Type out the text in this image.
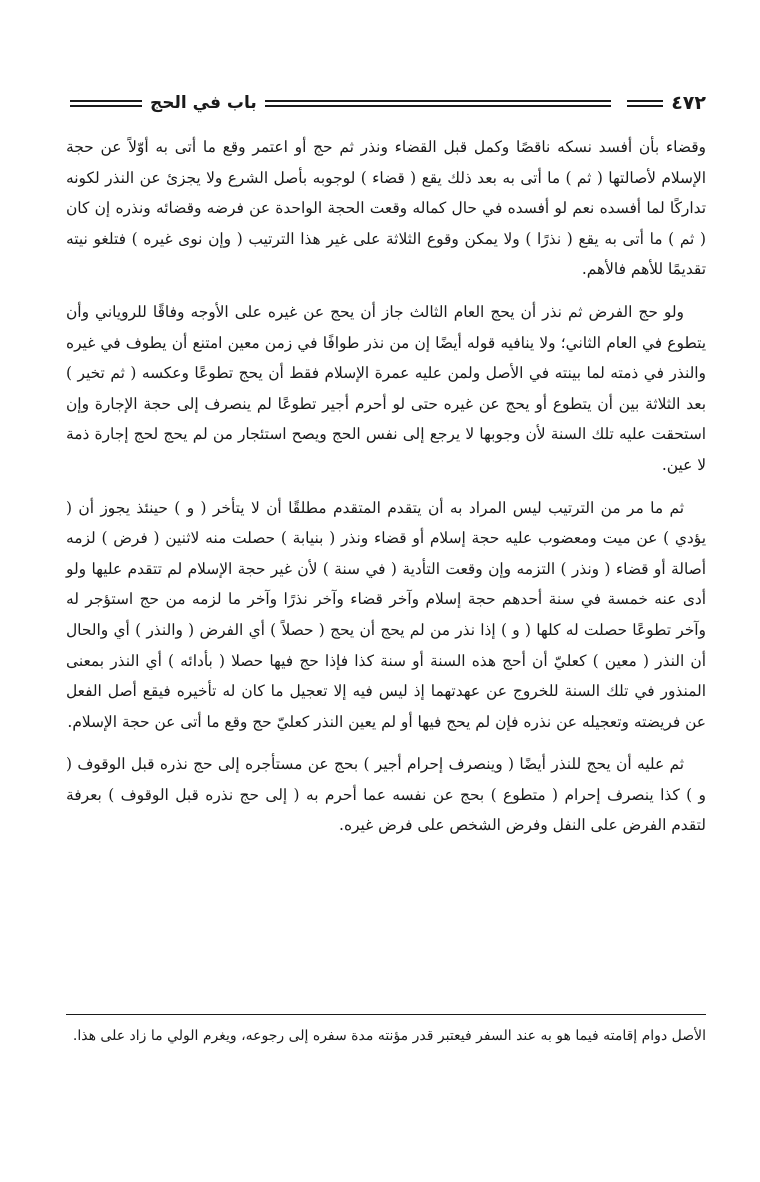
٤٧٢
باب في الحج

وقضاء بأن أفسد نسكه ناقصًا وكمل قبل القضاء ونذر ثم حج أو اعتمر وقع ما أتى به أوّلاً عن حجة الإسلام لأصالتها ( ثم ) ما أتى به بعد ذلك يقع ( قضاء ) لوجوبه بأصل الشرع ولا يجزئ عن النذر لكونه تداركًا لما أفسده نعم لو أفسده في حال كماله وقعت الحجة الواحدة عن فرضه وقضائه ونذره إن كان ( ثم ) ما أتى به يقع ( نذرًا ) ولا يمكن وقوع الثلاثة على غير هذا الترتيب ( وإن نوى غيره ) فتلغو نيته تقديمًا للأهم فالأهم.

ولو حج الفرض ثم نذر أن يحج العام الثالث جاز أن يحج عن غيره على الأوجه وفاقًا للروياني وأن يتطوع في العام الثاني؛ ولا ينافيه قوله أيضًا إن من نذر طوافًا في زمن معين امتنع أن يطوف في غيره والنذر في ذمته لما بينته في الأصل ولمن عليه عمرة الإسلام فقط أن يحج تطوعًا وعكسه ( ثم تخير ) بعد الثلاثة بين أن يتطوع أو يحج عن غيره حتى لو أحرم أجير تطوعًا لم ينصرف إلى حجة الإجارة وإن استحقت عليه تلك السنة لأن وجوبها لا يرجع إلى نفس الحج ويصح استئجار من لم يحج لحج إجارة ذمة لا عين.

ثم ما مر من الترتيب ليس المراد به أن يتقدم المتقدم مطلقًا أن لا يتأخر ( و ) حينئذ يجوز أن ( يؤدي ) عن ميت ومعضوب عليه حجة إسلام أو قضاء ونذر ( بنيابة ) حصلت منه لاثنين ( فرض ) لزمه أصالة أو قضاء ( ونذر ) التزمه وإن وقعت التأدية ( في سنة ) لأن غير حجة الإسلام لم تتقدم عليها ولو أدى عنه خمسة في سنة أحدهم حجة إسلام وآخر قضاء وآخر نذرًا وآخر ما لزمه من حج استؤجر له وآخر تطوعًا حصلت له كلها ( و ) إذا نذر من لم يحج أن يحج ( حصلاً ) أي الفرض ( والنذر ) أي والحال أن النذر ( معين ) كعليّ أن أحج هذه السنة أو سنة كذا فإذا حج فيها حصلا ( بأدائه ) أي النذر بمعنى المنذور في تلك السنة للخروج عن عهدتهما إذ ليس فيه إلا تعجيل ما كان له تأخيره فيقع أصل الفعل عن فريضته وتعجيله عن نذره فإن لم يحج فيها أو لم يعين النذر كعليّ حج وقع ما أتى عن حجة الإسلام.

ثم عليه أن يحج للنذر أيضًا ( وينصرف إحرام أجير ) بحج عن مستأجره إلى حج نذره قبل الوقوف ( و ) كذا ينصرف إحرام ( متطوع ) بحج عن نفسه عما أحرم به ( إلى حج نذره قبل الوقوف ) بعرفة لتقدم الفرض على النفل وفرض الشخص على فرض غيره.

الأصل دوام إقامته فيما هو به عند السفر فيعتبر قدر مؤنته مدة سفره إلى رجوعه، ويغرم الولي ما زاد على هذا.
